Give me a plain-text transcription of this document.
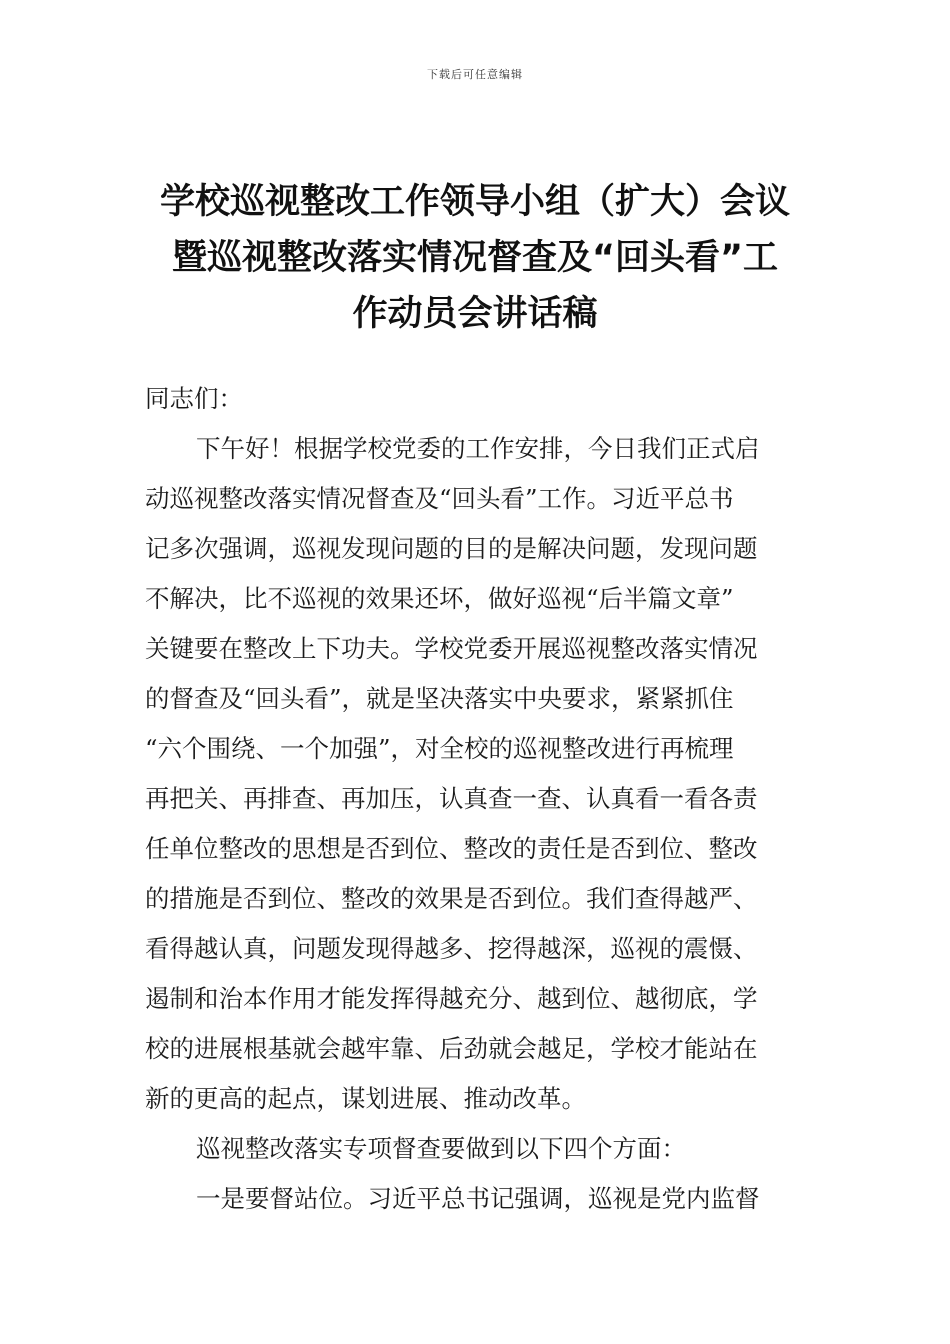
下载后可任意编辑
学校巡视整改工作领导小组（扩大）会议
暨巡视整改落实情况督查及“回头看”工
作动员会讲话稿
同志们：
下午好！根据学校党委的工作安排，今日我们正式启
动巡视整改落实情况督查及“回头看”工作。习近平总书
记多次强调，巡视发现问题的目的是解决问题，发现问题
不解决，比不巡视的效果还坏，做好巡视“后半篇文章”
关键要在整改上下功夫。学校党委开展巡视整改落实情况
的督查及“回头看”，就是坚决落实中央要求，紧紧抓住
“六个围绕、一个加强”，对全校的巡视整改进行再梳理
再把关、再排查、再加压，认真查一查、认真看一看各责
任单位整改的思想是否到位、整改的责任是否到位、整改
的措施是否到位、整改的效果是否到位。我们查得越严、
看得越认真，问题发现得越多、挖得越深，巡视的震慑、
遏制和治本作用才能发挥得越充分、越到位、越彻底，学
校的进展根基就会越牢靠、后劲就会越足，学校才能站在
新的更高的起点，谋划进展、推动改革。
巡视整改落实专项督查要做到以下四个方面：
一是要督站位。习近平总书记强调，巡视是党内监督
